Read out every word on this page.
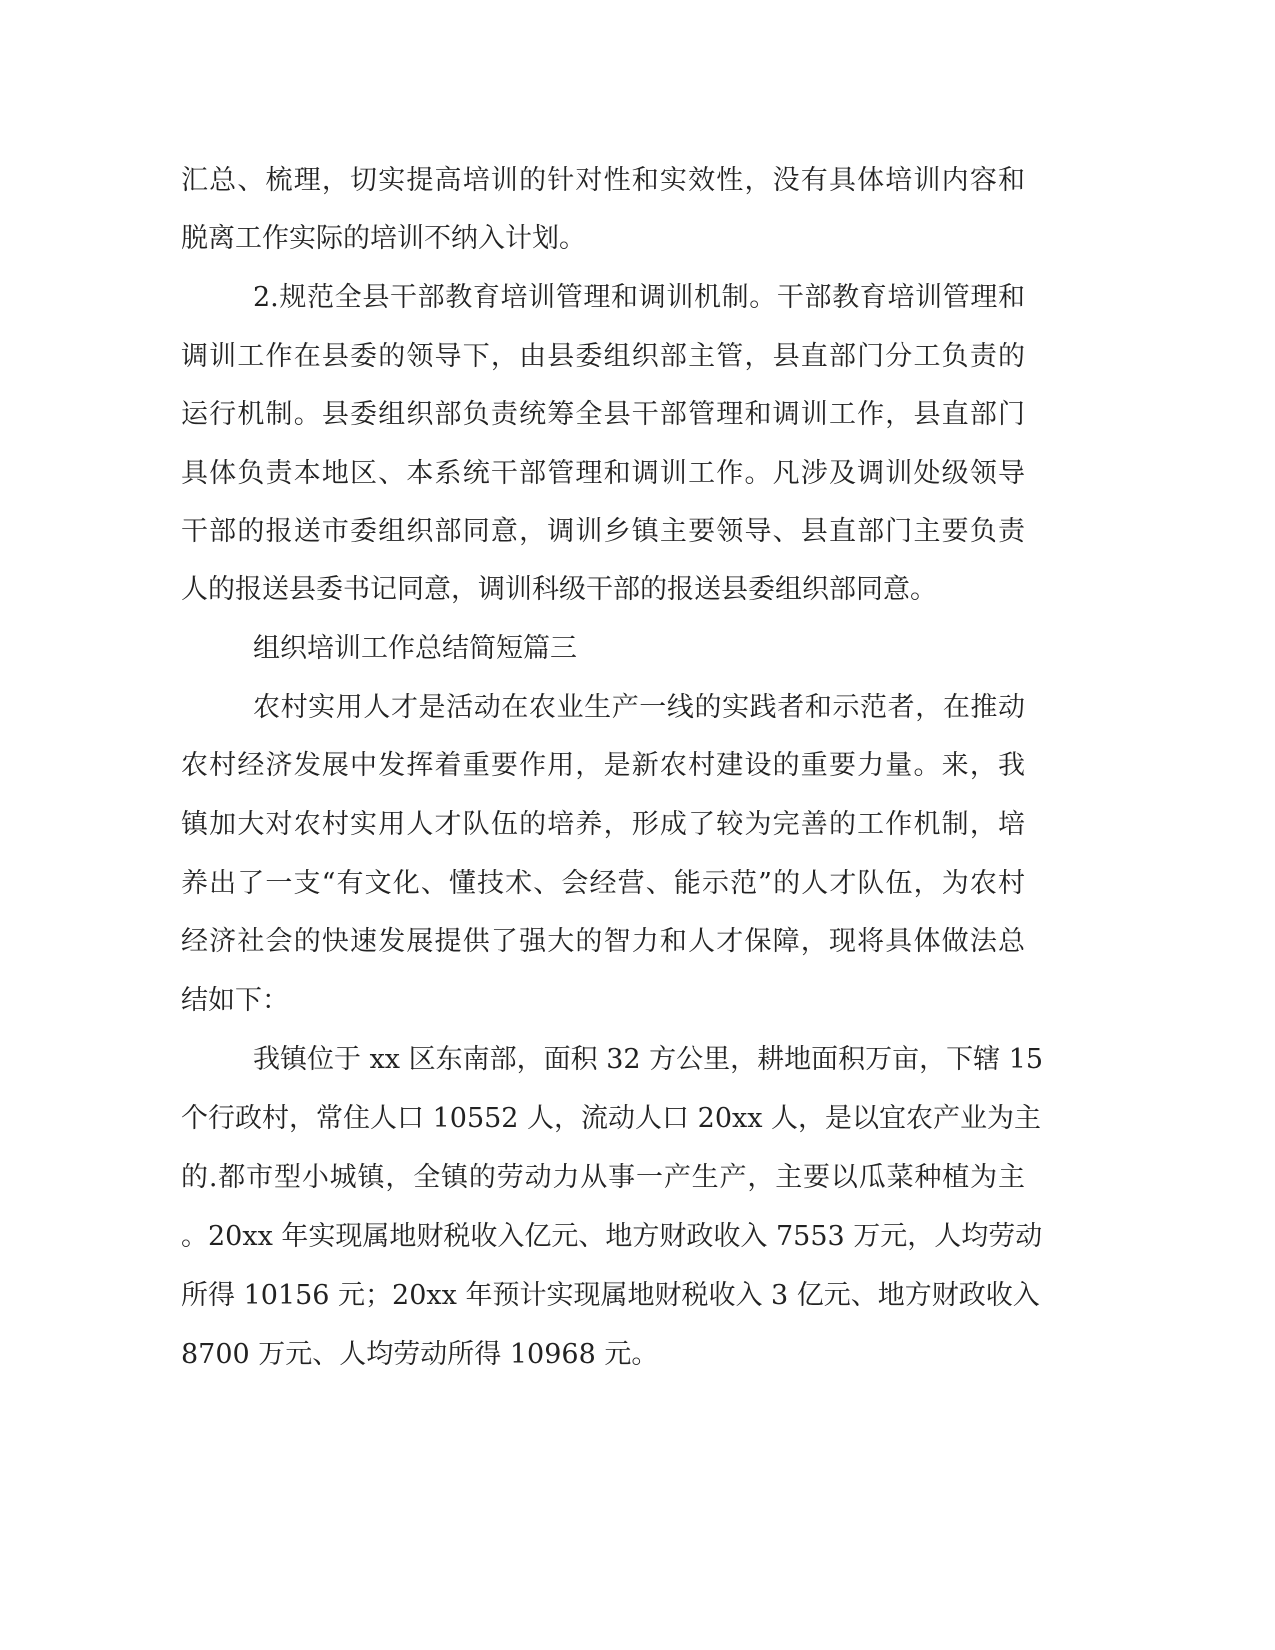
汇总、梳理，切实提高培训的针对性和实效性，没有具体培训内容和
脱离工作实际的培训不纳入计划。
2.规范全县干部教育培训管理和调训机制。干部教育培训管理和
调训工作在县委的领导下，由县委组织部主管，县直部门分工负责的
运行机制。县委组织部负责统筹全县干部管理和调训工作，县直部门
具体负责本地区、本系统干部管理和调训工作。凡涉及调训处级领导
干部的报送市委组织部同意，调训乡镇主要领导、县直部门主要负责
人的报送县委书记同意，调训科级干部的报送县委组织部同意。
组织培训工作总结简短篇三
农村实用人才是活动在农业生产一线的实践者和示范者，在推动
农村经济发展中发挥着重要作用，是新农村建设的重要力量。来，我
镇加大对农村实用人才队伍的培养，形成了较为完善的工作机制，培
养出了一支“有文化、懂技术、会经营、能示范”的人才队伍，为农村
经济社会的快速发展提供了强大的智力和人才保障，现将具体做法总
结如下：
我镇位于 xx 区东南部，面积 32 方公里，耕地面积万亩，下辖 15
个行政村，常住人口 10552 人，流动人口 20xx 人，是以宜农产业为主
的.都市型小城镇，全镇的劳动力从事一产生产，主要以瓜菜种植为主
。20xx 年实现属地财税收入亿元、地方财政收入 7553 万元，人均劳动
所得 10156 元；20xx 年预计实现属地财税收入 3 亿元、地方财政收入
8700 万元、人均劳动所得 10968 元。
